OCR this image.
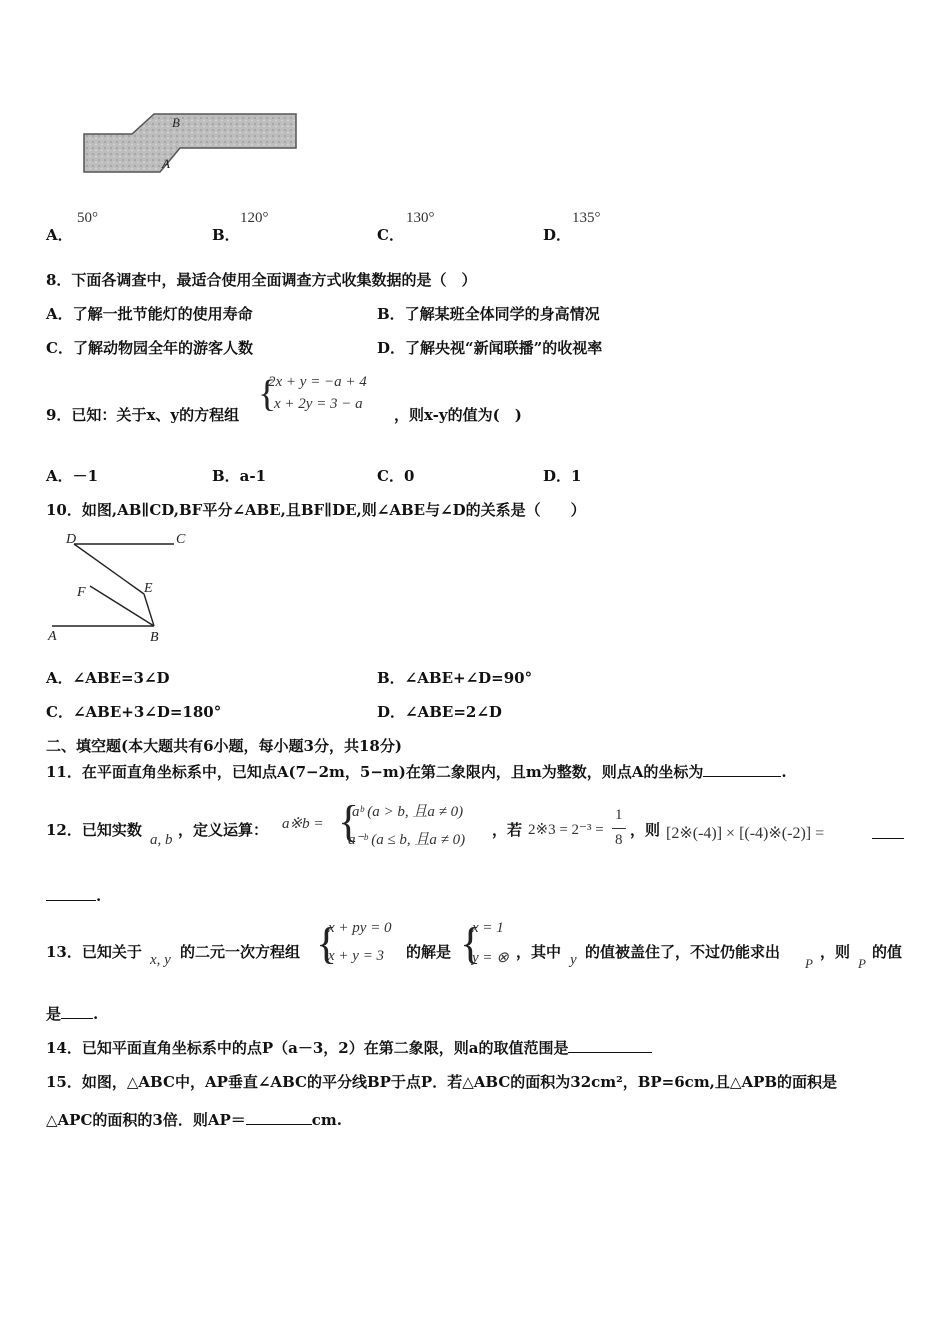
B
A
A．
50°
B．
120°
C．
130°
D．
135°
8．下面各调查中，最适合使用全面调查方式收集数据的是（　）
A．了解一批节能灯的使用寿命	B．了解某班全体同学的身高情况
C．了解动物园全年的游客人数	D．了解央视“新闻联播”的收视率
9．已知：关于x、y的方程组 {
2x + y = −a + 4
x + 2y = 3 − a
，则x-y的值为(　)
A．－1	B．a-1	C．0	D．1
10．如图,AB∥CD,BF平分∠ABE,且BF∥DE,则∠ABE与∠D的关系是（　　）
D	C
F	E
A	B
A．∠ABE=3∠D	B．∠ABE+∠D=90°
C．∠ABE+3∠D=180°	D．∠ABE=2∠D
二、填空题(本大题共有6小题，每小题3分，共18分)
11．在平面直角坐标系中，已知点A(7−2m，5−m)在第二象限内，且m为整数，则点A的坐标为	.
12．已知实数
a, b
，定义运算： a※b = {
aᵇ (a > b, 且a ≠ 0)
a⁻ᵇ (a ≤ b, 且a ≠ 0)
，若 2※3 = 2⁻³ =
1
8
，则 [2※(-4)] × [(-4)※(-2)] =
.
13．已知关于 x, y 的二元一次方程组 {
x + py = 0
x + y = 3 的解是 {
x = 1
y = ⊗ ，其中 y 的值被盖住了，不过仍能求出
P
，则
P
的值
是 .
14．已知平面直角坐标系中的点P（a－3，2）在第二象限，则a的取值范围是
15．如图，△ABC中，AP垂直∠ABC的平分线BP于点P．若△ABC的面积为32cm²，BP=6cm,且△APB的面积是
△APC的面积的3倍．则AP＝	cm.
